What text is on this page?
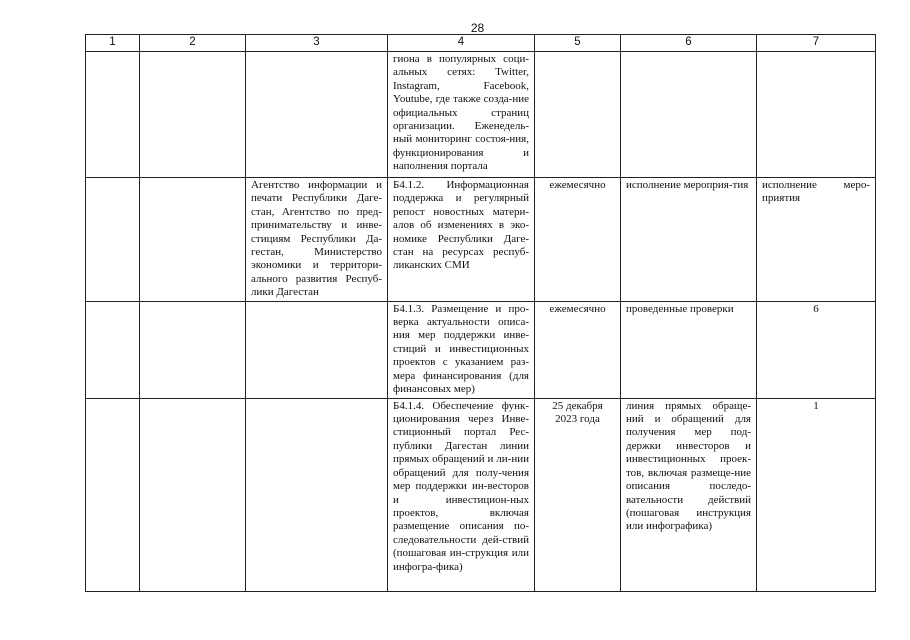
28
1	2	3	4	5	6	7
			гиона в популярных соци-альных сетях: Twitter, Instagram, Facebook, Youtube, где также созда-ние официальных страниц организации. Еженедель-ный мониторинг состоя-ния, функционирования и наполнения портала			
		Агентство информации и печати Республики Даге-стан, Агентство по пред-принимательству и инве-стициям Республики Да-гестан, Министерство экономики и территори-ального развития Респуб-лики Дагестан	Б4.1.2. Информационная поддержка и регулярный репост новостных матери-алов об изменениях в эко-номике Республики Даге-стан на ресурсах респуб-ликанских СМИ	ежемесячно	исполнение мероприя-тия	исполнение меро-приятия
			Б4.1.3. Размещение и про-верка актуальности описа-ния мер поддержки инве-стиций и инвестиционных проектов с указанием раз-мера финансирования (для финансовых мер)	ежемесячно	проведенные проверки	6
			Б4.1.4. Обеспечение функ-ционирования через Инве-стиционный портал Рес-публики Дагестан линии прямых обращений и ли-нии обращений для полу-чения мер поддержки ин-весторов и инвестицион-ных проектов, включая размещение описания по-следовательности дей-ствий (пошаговая ин-струкция или инфогра-фика)	25 декабря 2023 года	линия прямых обраще-ний и обращений для получения мер под-держки инвесторов и инвестиционных проек-тов, включая размеще-ние описания последо-вательности действий (пошаговая инструкция или инфографика)	1
